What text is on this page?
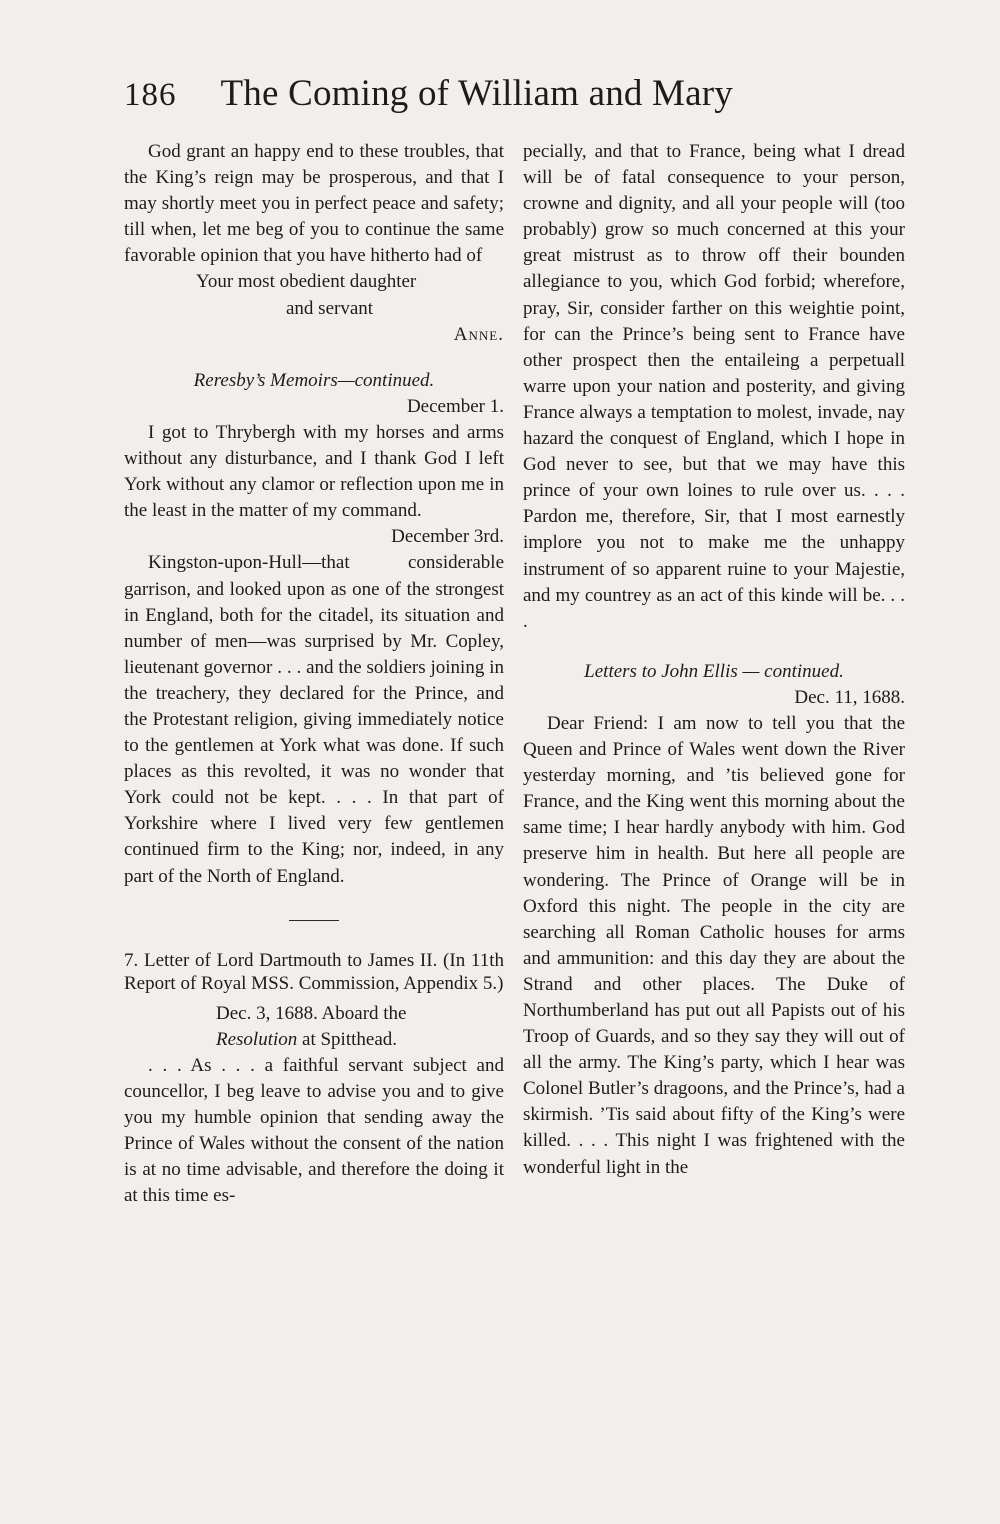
186 The Coming of William and Mary

God grant an happy end to these troubles, that the King’s reign may be prosperous, and that I may shortly meet you in perfect peace and safety; till when, let me beg of you to continue the same favorable opinion that you have hitherto had of

Your most obedient daughter

and servant

Anne.

Reresby’s Memoirs—continued.

December 1.

I got to Thrybergh with my horses and arms without any disturbance, and I thank God I left York without any clamor or reflection upon me in the least in the matter of my command.

December 3rd.

Kingston-upon-Hull—that considerable garrison, and looked upon as one of the strongest in England, both for the citadel, its situation and number of men—was surprised by Mr. Copley, lieutenant governor . . . and the soldiers joining in the treachery, they declared for the Prince, and the Protestant religion, giving immediately notice to the gentlemen at York what was done. If such places as this revolted, it was no wonder that York could not be kept. . . . In that part of Yorkshire where I lived very few gentlemen continued firm to the King; nor, indeed, in any part of the North of England.

7. Letter of Lord Dartmouth to James II. (In 11th Report of Royal MSS. Commission, Appendix 5.)

Dec. 3, 1688. Aboard the

Resolution at Spitthead.

. . . As . . . a faithful servant subject and councellor, I beg leave to advise you and to give you my humble opinion that sending away the Prince of Wales without the consent of the nation is at no time advisable, and therefore the doing it at this time es-

pecially, and that to France, being what I dread will be of fatal consequence to your person, crowne and dignity, and all your people will (too probably) grow so much concerned at this your great mistrust as to throw off their bounden allegiance to you, which God forbid; wherefore, pray, Sir, consider farther on this weightie point, for can the Prince’s being sent to France have other prospect then the entaileing a perpetuall warre upon your nation and posterity, and giving France always a temptation to molest, invade, nay hazard the conquest of England, which I hope in God never to see, but that we may have this prince of your own loines to rule over us. . . . Pardon me, therefore, Sir, that I most earnestly implore you not to make me the unhappy instrument of so apparent ruine to your Majestie, and my countrey as an act of this kinde will be. . . .

Letters to John Ellis — continued.

Dec. 11, 1688.

Dear Friend: I am now to tell you that the Queen and Prince of Wales went down the River yesterday morning, and ’tis believed gone for France, and the King went this morning about the same time; I hear hardly anybody with him. God preserve him in health. But here all people are wondering. The Prince of Orange will be in Oxford this night. The people in the city are searching all Roman Catholic houses for arms and ammunition: and this day they are about the Strand and other places. The Duke of Northumberland has put out all Papists out of his Troop of Guards, and so they say they will out of all the army. The King’s party, which I hear was Colonel Butler’s dragoons, and the Prince’s, had a skirmish. ’Tis said about fifty of the King’s were killed. . . . This night I was frightened with the wonderful light in the
